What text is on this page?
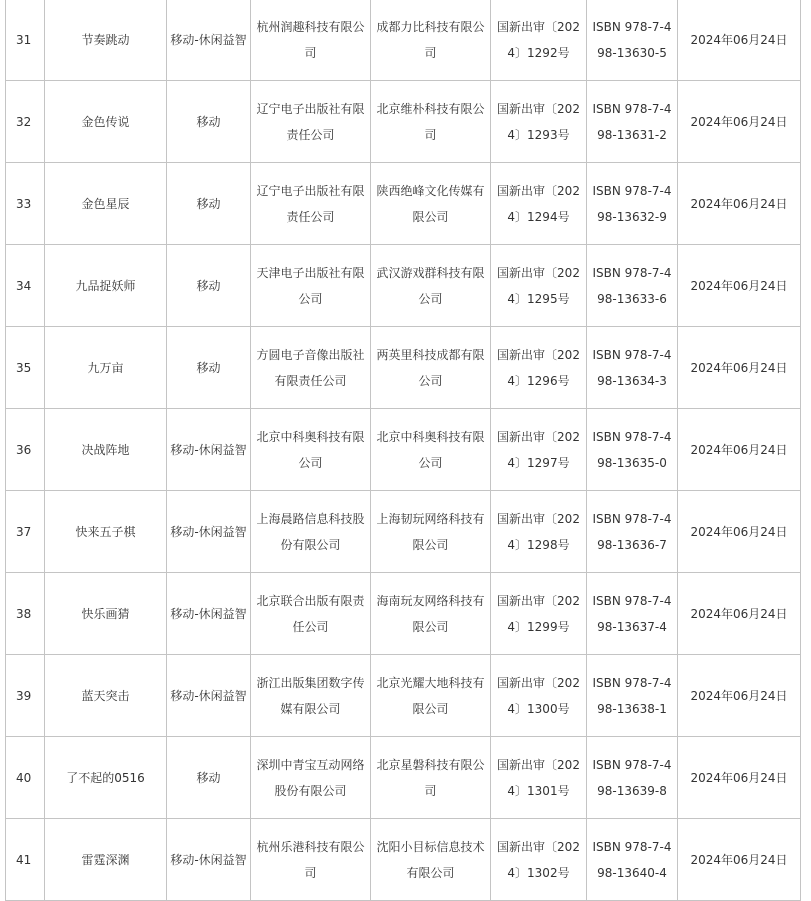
31	节奏跳动	移动-休闲益智	杭州润趣科技有限公司	成都力比科技有限公司	国新出审〔2024〕1292号	ISBN 978-7-498-13630-5	2024年06月24日
32	金色传说	移动	辽宁电子出版社有限责任公司	北京维朴科技有限公司	国新出审〔2024〕1293号	ISBN 978-7-498-13631-2	2024年06月24日
33	金色星辰	移动	辽宁电子出版社有限责任公司	陕西绝峰文化传媒有限公司	国新出审〔2024〕1294号	ISBN 978-7-498-13632-9	2024年06月24日
34	九品捉妖师	移动	天津电子出版社有限公司	武汉游戏群科技有限公司	国新出审〔2024〕1295号	ISBN 978-7-498-13633-6	2024年06月24日
35	九万亩	移动	方圆电子音像出版社有限责任公司	两英里科技成都有限公司	国新出审〔2024〕1296号	ISBN 978-7-498-13634-3	2024年06月24日
36	决战阵地	移动-休闲益智	北京中科奥科技有限公司	北京中科奥科技有限公司	国新出审〔2024〕1297号	ISBN 978-7-498-13635-0	2024年06月24日
37	快来五子棋	移动-休闲益智	上海晨路信息科技股份有限公司	上海韧玩网络科技有限公司	国新出审〔2024〕1298号	ISBN 978-7-498-13636-7	2024年06月24日
38	快乐画猜	移动-休闲益智	北京联合出版有限责任公司	海南玩友网络科技有限公司	国新出审〔2024〕1299号	ISBN 978-7-498-13637-4	2024年06月24日
39	蓝天突击	移动-休闲益智	浙江出版集团数字传媒有限公司	北京光耀大地科技有限公司	国新出审〔2024〕1300号	ISBN 978-7-498-13638-1	2024年06月24日
40	了不起的0516	移动	深圳中青宝互动网络股份有限公司	北京星磐科技有限公司	国新出审〔2024〕1301号	ISBN 978-7-498-13639-8	2024年06月24日
41	雷霆深渊	移动-休闲益智	杭州乐港科技有限公司	沈阳小目标信息技术有限公司	国新出审〔2024〕1302号	ISBN 978-7-498-13640-4	2024年06月24日
